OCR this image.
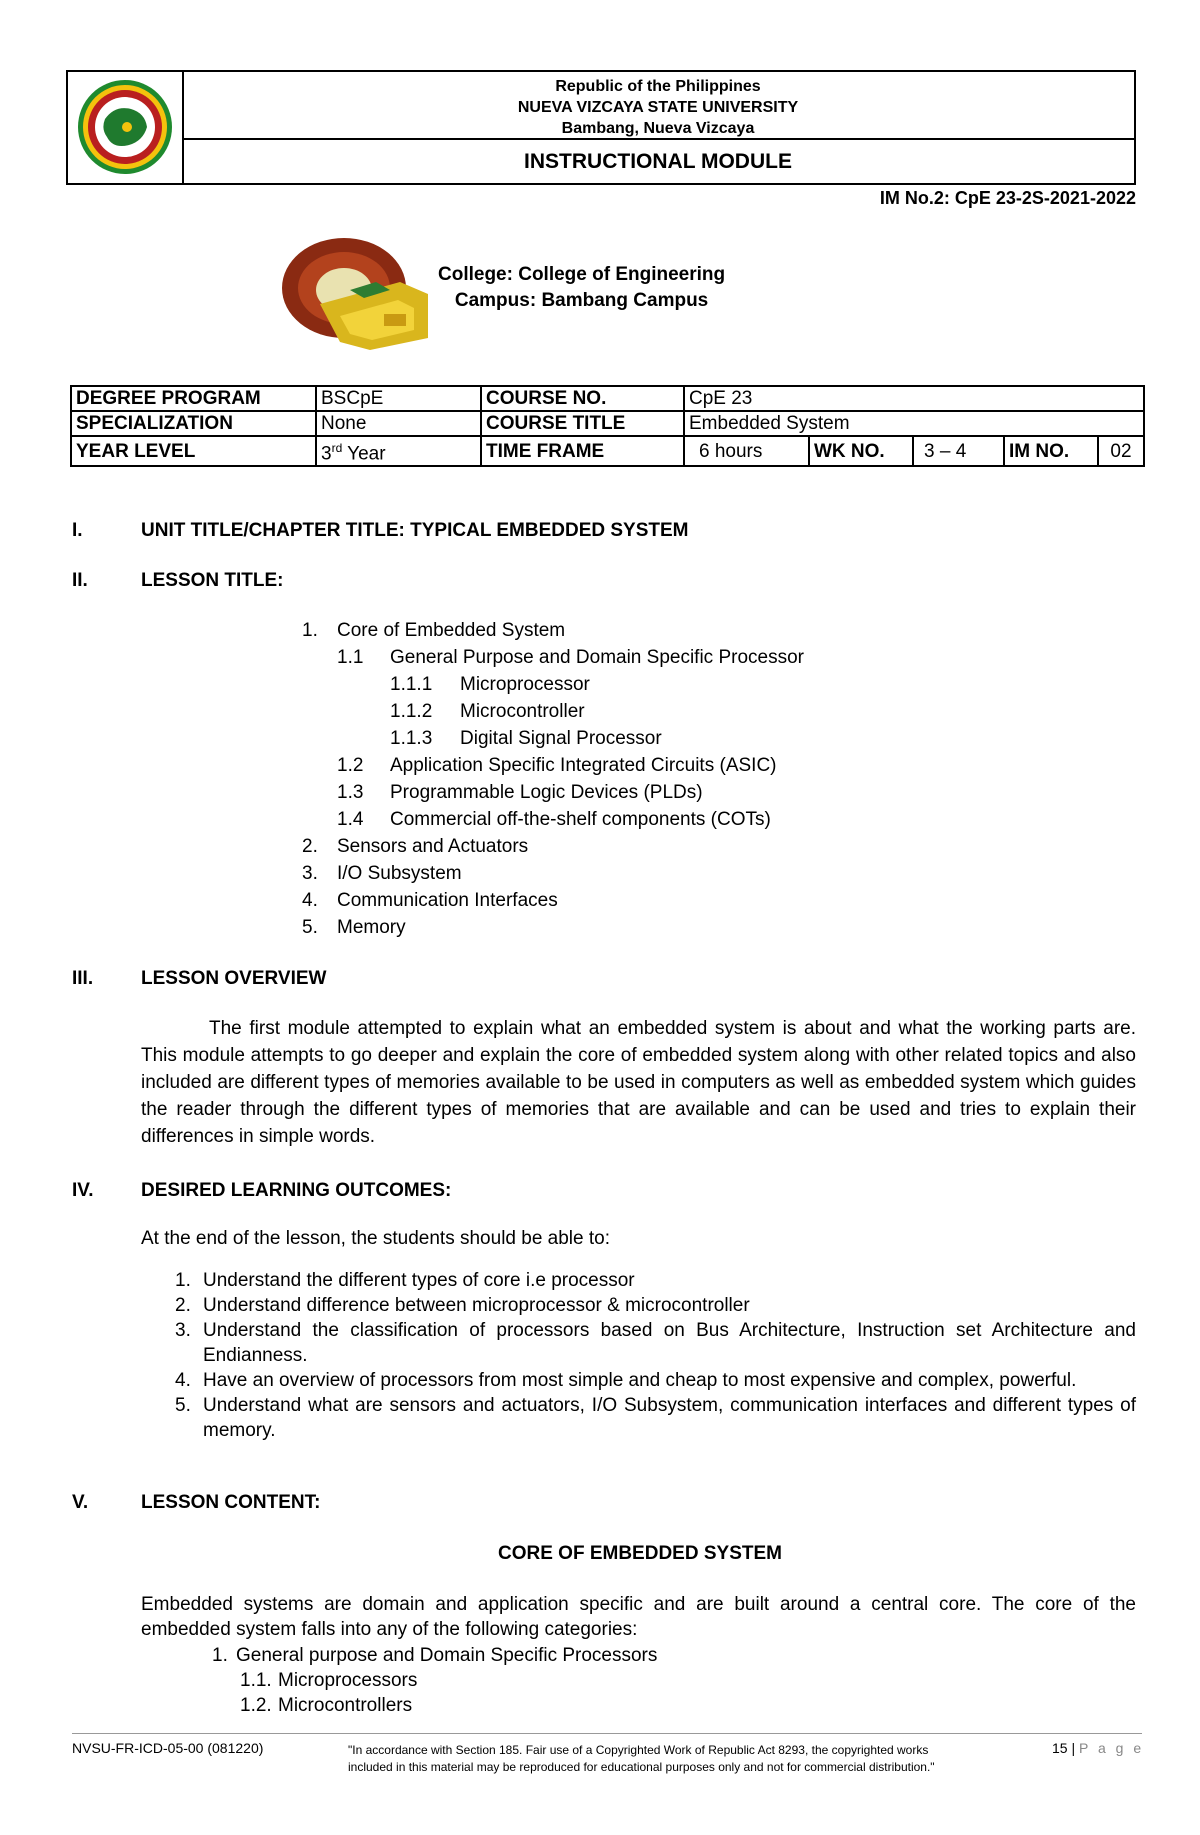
Republic of the Philippines
NUEVA VIZCAYA STATE UNIVERSITY
Bambang, Nueva Vizcaya
INSTRUCTIONAL MODULE
IM No.2: CpE 23-2S-2021-2022
College: College of Engineering
Campus: Bambang Campus
DEGREE PROGRAM	BSCpE	COURSE NO.	CpE 23				
SPECIALIZATION	None	COURSE TITLE	Embedded System				
YEAR LEVEL	3rd Year	TIME FRAME	6 hours	WK NO.	3 – 4	IM NO.	02
I.	UNIT TITLE/CHAPTER TITLE: TYPICAL EMBEDDED SYSTEM
II.	LESSON TITLE:
1. Core of Embedded System
1.1 General Purpose and Domain Specific Processor
1.1.1 Microprocessor
1.1.2 Microcontroller
1.1.3 Digital Signal Processor
1.2 Application Specific Integrated Circuits (ASIC)
1.3 Programmable Logic Devices (PLDs)
1.4 Commercial off-the-shelf components (COTs)
2. Sensors and Actuators
3. I/O Subsystem
4. Communication Interfaces
5. Memory
III.	LESSON OVERVIEW
The first module attempted to explain what an embedded system is about and what the working parts are. This module attempts to go deeper and explain the core of embedded system along with other related topics and also included are different types of memories available to be used in computers as well as embedded system which guides the reader through the different types of memories that are available and can be used and tries to explain their differences in simple words.
IV.	DESIRED LEARNING OUTCOMES:
At the end of the lesson, the students should be able to:
1. Understand the different types of core i.e processor
2. Understand difference between microprocessor & microcontroller
3. Understand the classification of processors based on Bus Architecture, Instruction set Architecture and Endianness.
4. Have an overview of processors from most simple and cheap to most expensive and complex, powerful.
5. Understand what are sensors and actuators, I/O Subsystem, communication interfaces and different types of memory.
V.	LESSON CONTENT:
CORE OF EMBEDDED SYSTEM
Embedded systems are domain and application specific and are built around a central core. The core of the embedded system falls into any of the following categories:
1. General purpose and Domain Specific Processors
1.1. Microprocessors
1.2. Microcontrollers
NVSU-FR-ICD-05-00 (081220)	"In accordance with Section 185. Fair use of a Copyrighted Work of Republic Act 8293, the copyrighted works
included in this material may be reproduced for educational purposes only and not for commercial distribution."
15 | P a g e
